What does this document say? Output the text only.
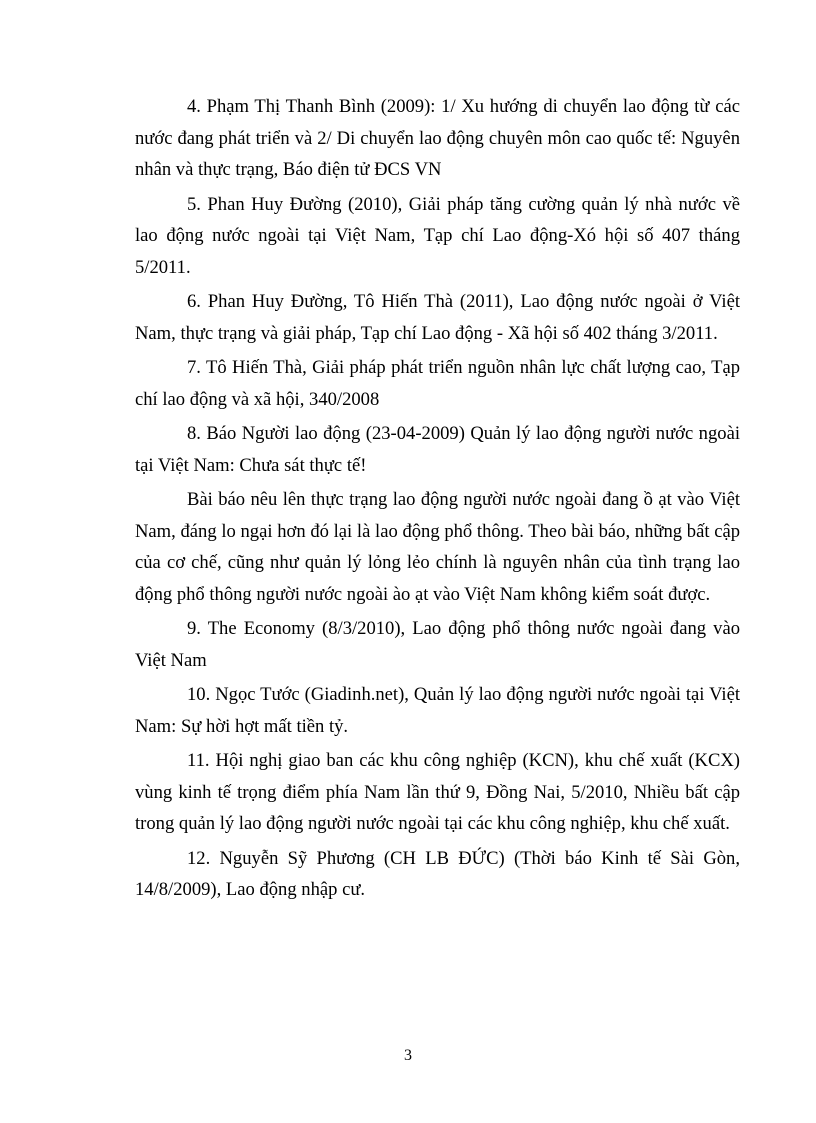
4. Phạm Thị Thanh Bình (2009): 1/ Xu hướng di chuyển lao động từ các nước đang phát triển và 2/ Di chuyển lao động chuyên môn cao quốc tế: Nguyên nhân và thực trạng, Báo điện tử ĐCS VN

5. Phan Huy Đường (2010), Giải pháp tăng cường quản lý nhà nước về lao động nước ngoài tại Việt Nam, Tạp chí Lao động-Xó hội số 407 tháng 5/2011.

6. Phan Huy Đường, Tô Hiến Thà (2011), Lao động nước ngoài ở Việt Nam, thực trạng và giải pháp, Tạp chí Lao động - Xã hội số 402 tháng 3/2011.

7. Tô Hiến Thà, Giải pháp phát triển nguồn nhân lực chất lượng cao, Tạp chí lao động và xã hội, 340/2008

8. Báo Người lao động (23-04-2009) Quản lý lao động người nước ngoài tại Việt Nam: Chưa sát thực tế!

Bài báo nêu lên thực trạng lao động người nước ngoài đang ồ ạt vào Việt Nam, đáng lo ngại hơn đó lại là lao động phổ thông. Theo bài báo, những bất cập của cơ chế, cũng như quản lý lỏng lẻo chính là nguyên nhân của tình trạng lao động phổ thông người nước ngoài ào ạt vào Việt Nam không kiểm soát được.

9. The Economy (8/3/2010), Lao động phổ thông nước ngoài đang vào Việt Nam

10. Ngọc Tước (Giadinh.net), Quản lý lao động người nước ngoài tại Việt Nam: Sự hời hợt mất tiền tỷ.

11. Hội nghị giao ban các khu công nghiệp (KCN), khu chế xuất (KCX) vùng kinh tế trọng điểm phía Nam lần thứ 9, Đồng Nai, 5/2010, Nhiều bất cập trong quản lý lao động người nước ngoài tại các khu công nghiệp, khu chế xuất.

12. Nguyễn Sỹ Phương (CH LB ĐỨC) (Thời báo Kinh tế Sài Gòn, 14/8/2009), Lao động nhập cư.

3
